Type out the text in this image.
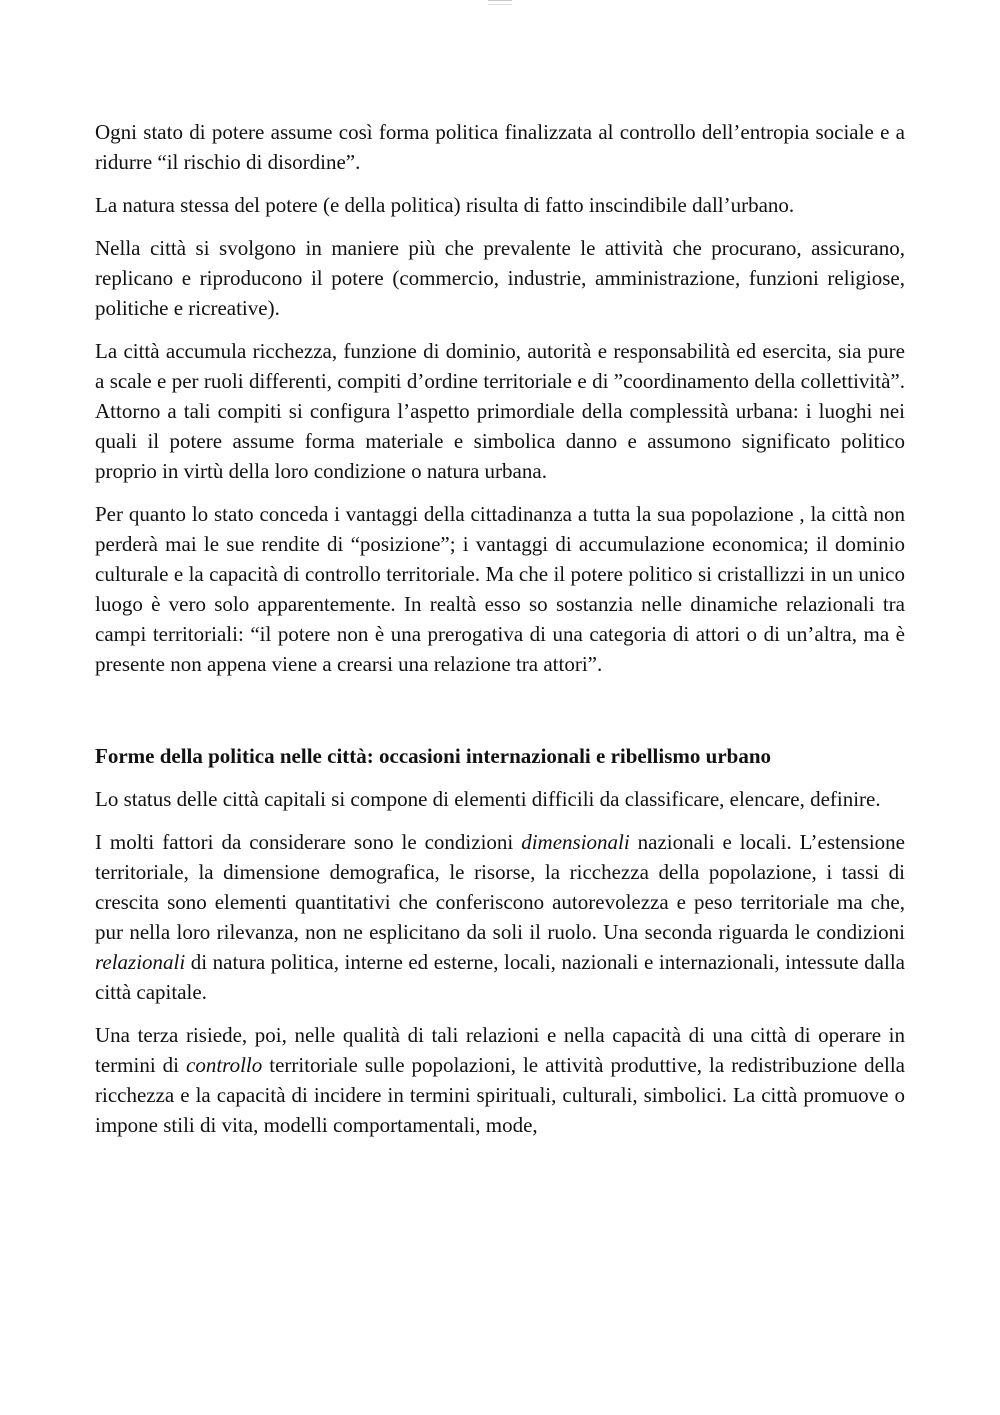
Ogni stato di potere assume così forma politica finalizzata al controllo dell’entropia sociale e a ridurre “il rischio di disordine”.

La natura stessa del potere (e della politica) risulta di fatto inscindibile dall’urbano.

Nella città si svolgono in maniere più che prevalente le attività che procurano, assicurano, replicano e riproducono il potere (commercio, industrie, amministrazione, funzioni religiose, politiche e ricreative).

La città accumula ricchezza, funzione di dominio, autorità e responsabilità ed esercita, sia pure a scale e per ruoli differenti, compiti d’ordine territoriale e di ”coordinamento della collettività”. Attorno a tali compiti si configura l’aspetto primordiale della complessità urbana: i luoghi nei quali il potere assume forma materiale e simbolica danno e assumono significato politico proprio in virtù della loro condizione o natura urbana.

Per quanto lo stato conceda i vantaggi della cittadinanza a tutta la sua popolazione , la città non perderà mai le sue rendite di “posizione”; i vantaggi di accumulazione economica; il dominio culturale e la capacità di controllo territoriale. Ma che il potere politico si cristallizzi in un unico luogo è vero solo apparentemente. In realtà esso so sostanzia nelle dinamiche relazionali tra campi territoriali: “il potere non è una prerogativa di una categoria di attori o di un’altra, ma è presente non appena viene a crearsi una relazione tra attori”.

Forme della politica nelle città: occasioni internazionali e ribellismo urbano

Lo status delle città capitali si compone di elementi difficili da classificare, elencare, definire.

I molti fattori da considerare sono le condizioni dimensionali nazionali e locali. L’estensione territoriale, la dimensione demografica, le risorse, la ricchezza della popolazione, i tassi di crescita sono elementi quantitativi che conferiscono autorevolezza e peso territoriale ma che, pur nella loro rilevanza, non ne esplicitano da soli il ruolo. Una seconda riguarda le condizioni relazionali di natura politica, interne ed esterne, locali, nazionali e internazionali, intessute dalla città capitale.

Una terza risiede, poi, nelle qualità di tali relazioni e nella capacità di una città di operare in termini di controllo territoriale sulle popolazioni, le attività produttive, la redistribuzione della ricchezza e la capacità di incidere in termini spirituali, culturali, simbolici. La città promuove o impone stili di vita, modelli comportamentali, mode,
